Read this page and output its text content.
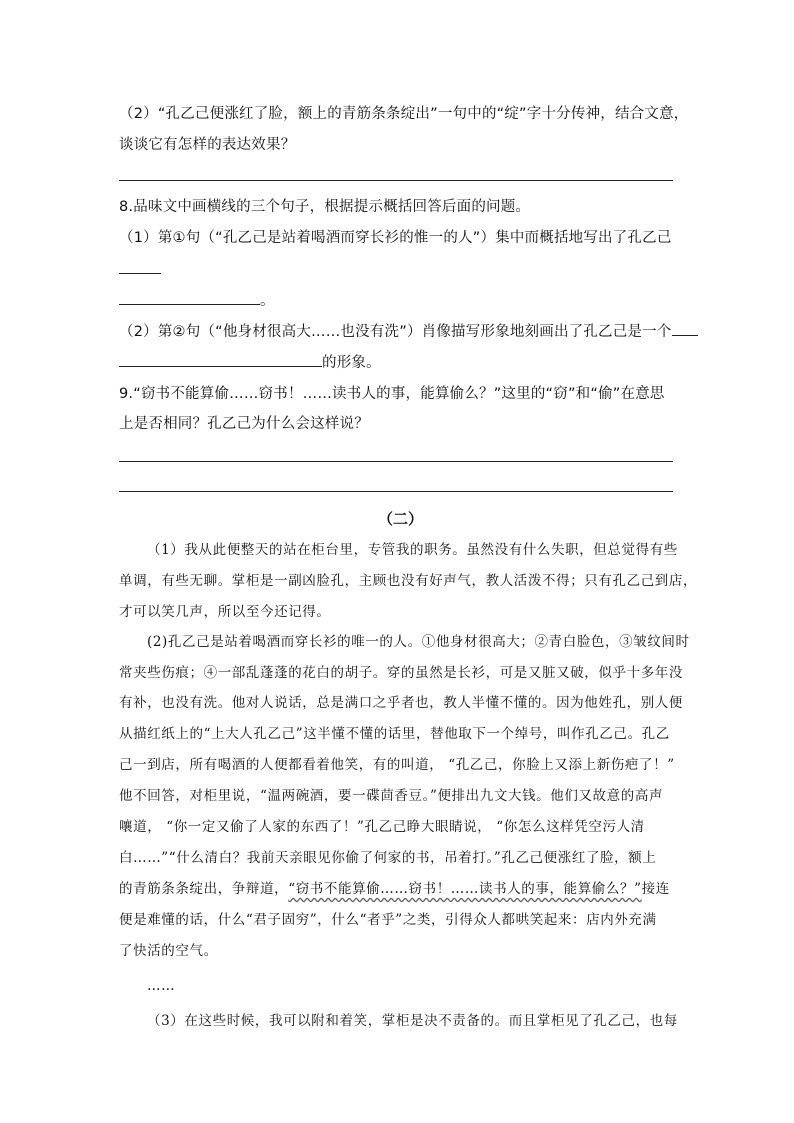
（2）“孔乙己便涨红了脸，额上的青筋条条绽出”一句中的“绽”字十分传神，结合文意，
谈谈它有怎样的表达效果？
8.品味文中画横线的三个句子，根据提示概括回答后面的问题。
（1）第①句（“孔乙己是站着喝酒而穿长衫的惟一的人”）集中而概括地写出了孔乙己
。
（2）第②句（“他身材很高大……也没有洗”）肖像描写形象地刻画出了孔乙己是一个
的形象。
9.“窃书不能算偷……窃书！……读书人的事，能算偷么？”这里的“窃”和“偷”在意思
上是否相同？孔乙己为什么会这样说？
（二）
（1）我从此便整天的站在柜台里，专管我的职务。虽然没有什么失职，但总觉得有些
单调，有些无聊。掌柜是一副凶脸孔，主顾也没有好声气，教人活泼不得；只有孔乙己到店，
才可以笑几声，所以至今还记得。
(2)孔乙己是站着喝酒而穿长衫的唯一的人。①他身材很高大；②青白脸色，③皱纹间时
常夹些伤痕；④一部乱蓬蓬的花白的胡子。穿的虽然是长衫，可是又脏又破，似乎十多年没
有补，也没有洗。他对人说话，总是满口之乎者也，教人半懂不懂的。因为他姓孔，别人便
从描红纸上的“上大人孔乙己”这半懂不懂的话里，替他取下一个绰号，叫作孔乙己。孔乙
己一到店，所有喝酒的人便都看着他笑，有的叫道， “孔乙己，你脸上又添上新伤疤了！”
他不回答，对柜里说，“温两碗酒，要一碟茴香豆。”便排出九文大钱。他们又故意的高声
嚷道， “你一定又偷了人家的东西了！”孔乙己睁大眼睛说， “你怎么这样凭空污人清
白……”“什么清白？我前天亲眼见你偷了何家的书，吊着打。”孔乙己便涨红了脸，额上
的青筋条条绽出，争辩道，“窃书不能算偷……窃书！……读书人的事，能算偷么？”接连
便是难懂的话，什么“君子固穷”，什么“者乎”之类，引得众人都哄笑起来：店内外充满
了快活的空气。
……
（3）在这些时候，我可以附和着笑，掌柜是决不责备的。而且掌柜见了孔乙己，也每
